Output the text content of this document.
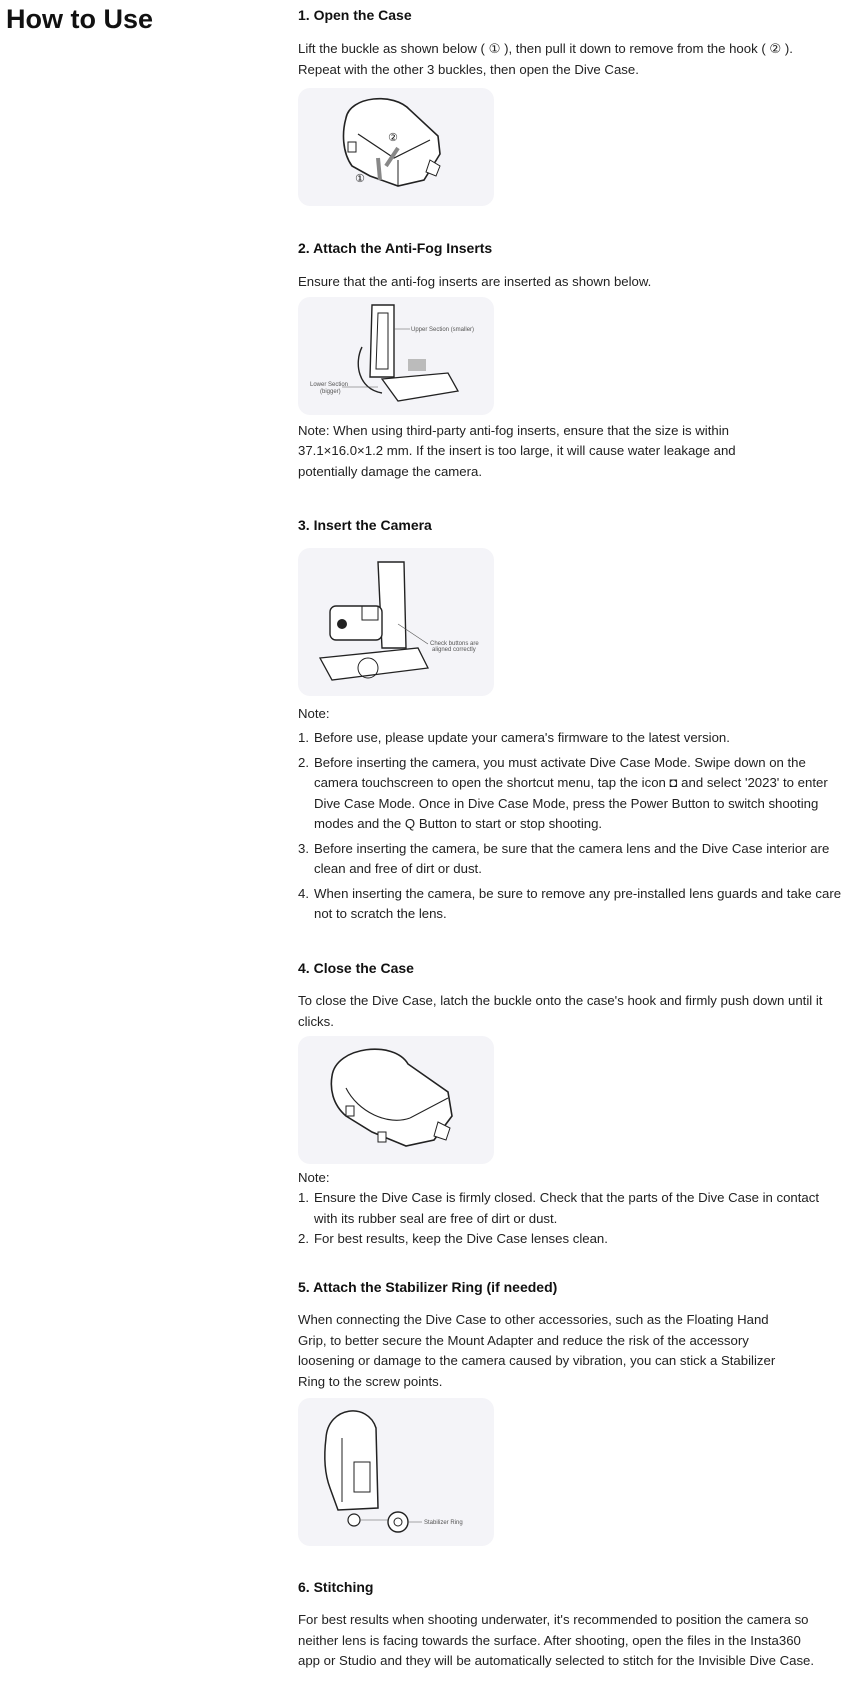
How to Use	1. Open the Case

Lift the buckle as shown below ( ① ), then pull it down to remove from the hook ( ② ). Repeat with the other 3 buckles, then open the Dive Case.

②
①
2. Attach the Anti-Fog Inserts

Ensure that the anti-fog inserts are inserted as shown below.

Upper Section (smaller)
Lower Section
(bigger)

Note: When using third-party anti-fog inserts, ensure that the size is within 37.1×16.0×1.2 mm. If the insert is too large, it will cause water leakage and potentially damage the camera.

3. Insert the Camera
Check buttons are
aligned correctly

Note:

1. Before use, please update your camera's firmware to the latest version.
2. Before inserting the camera, you must activate Dive Case Mode. Swipe down on the camera touchscreen to open the shortcut menu, tap the icon ◘ and select '2023' to enter Dive Case Mode. Once in Dive Case Mode, press the Power Button to switch shooting modes and the Q Button to start or stop shooting.
3. Before inserting the camera, be sure that the camera lens and the Dive Case interior are clean and free of dirt or dust.
4. When inserting the camera, be sure to remove any pre-installed lens guards and take care not to scratch the lens.
4. Close the Case

To close the Dive Case, latch the buckle onto the case's hook and firmly push down until it clicks.

Note:

1. Ensure the Dive Case is firmly closed. Check that the parts of the Dive Case in contact with its rubber seal are free of dirt or dust.
2. For best results, keep the Dive Case lenses clean.
5. Attach the Stabilizer Ring (if needed)

When connecting the Dive Case to other accessories, such as the Floating Hand Grip, to better secure the Mount Adapter and reduce the risk of the accessory loosening or damage to the camera caused by vibration, you can stick a Stabilizer Ring to the screw points.

Stabilizer Ring
6. Stitching

For best results when shooting underwater, it's recommended to position the camera so neither lens is facing towards the surface. After shooting, open the files in the Insta360 app or Studio and they will be automatically selected to stitch for the Invisible Dive Case.
